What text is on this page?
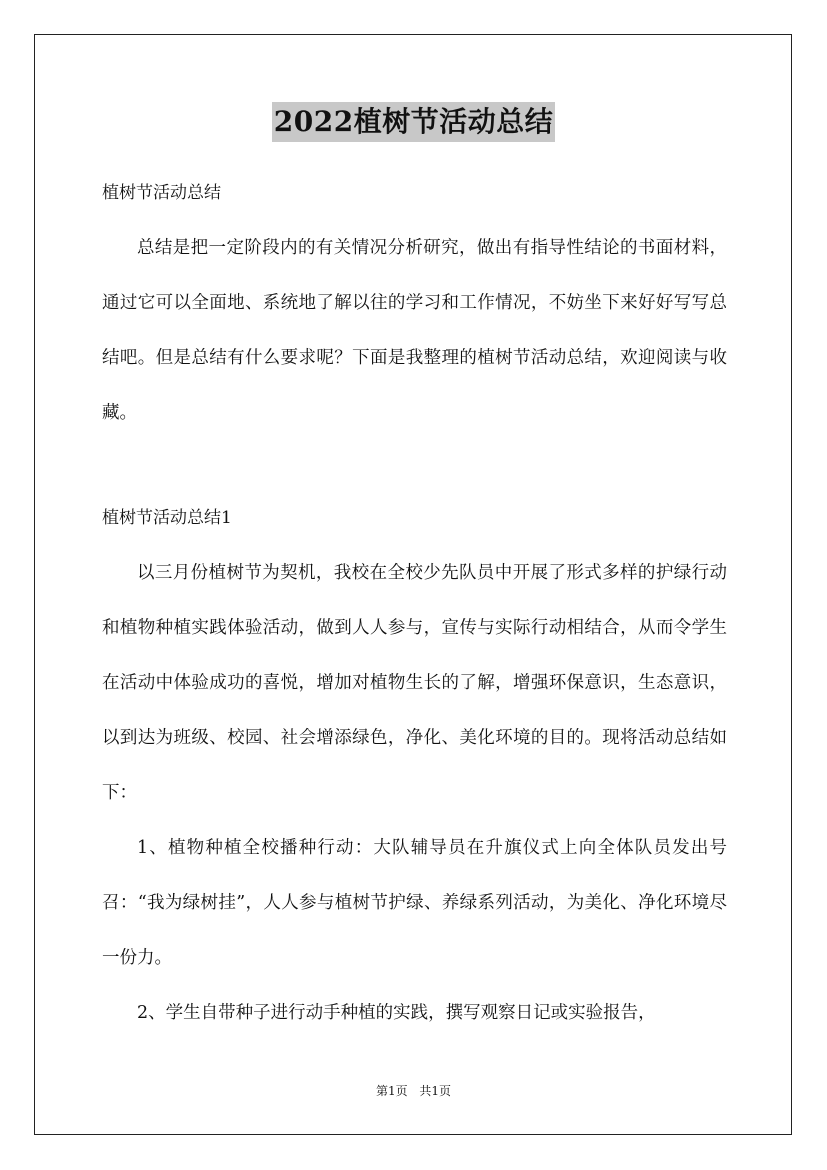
2022植树节活动总结
植树节活动总结

总结是把一定阶段内的有关情况分析研究，做出有指导性结论的书面材料，通过它可以全面地、系统地了解以往的学习和工作情况，不妨坐下来好好写写总结吧。但是总结有什么要求呢？下面是我整理的植树节活动总结，欢迎阅读与收藏。

植树节活动总结1

以三月份植树节为契机，我校在全校少先队员中开展了形式多样的护绿行动和植物种植实践体验活动，做到人人参与，宣传与实际行动相结合，从而令学生在活动中体验成功的喜悦，增加对植物生长的了解，增强环保意识，生态意识，以到达为班级、校园、社会增添绿色，净化、美化环境的目的。现将活动总结如下：

1、植物种植全校播种行动：大队辅导员在升旗仪式上向全体队员发出号召：“我为绿树挂”，人人参与植树节护绿、养绿系列活动，为美化、净化环境尽一份力。

2、学生自带种子进行动手种植的实践，撰写观察日记或实验报告，

第1页 共1页
